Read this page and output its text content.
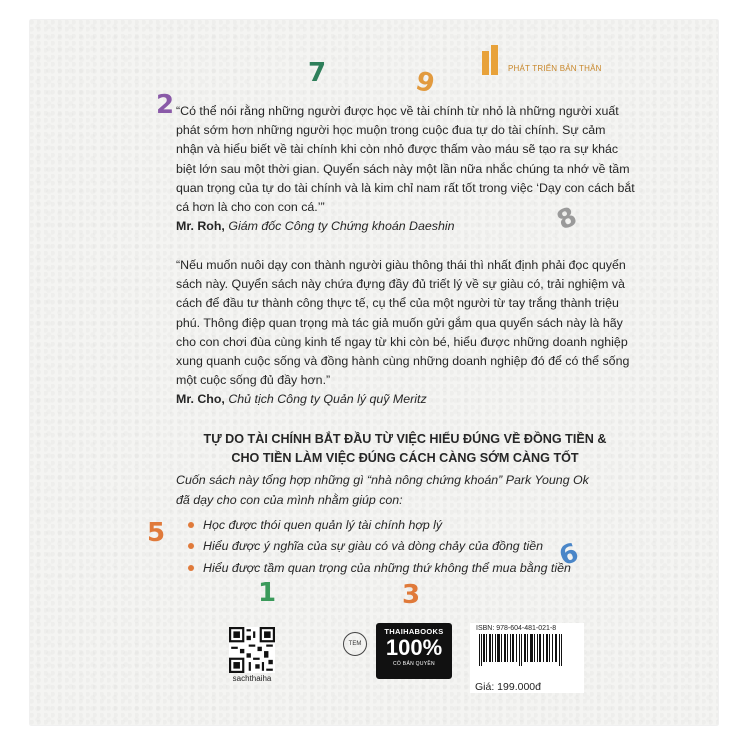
7	9
2
8
5
6
1	3
PHÁT TRIỂN BẢN THÂN

“Có thể nói rằng những người được học về tài chính từ nhỏ là những người xuất phát sớm hơn những người học muộn trong cuộc đua tự do tài chính. Sự cảm nhận và hiểu biết về tài chính khi còn nhỏ được thấm vào máu sẽ tạo ra sự khác biệt lớn sau một thời gian. Quyển sách này một lần nữa nhắc chúng ta nhớ về tầm quan trọng của tự do tài chính và là kim chỉ nam rất tốt trong việc ‘Dạy con cách bắt cá hơn là cho con con cá.’”

Mr. Roh, Giám đốc Công ty Chứng khoán Daeshin

“Nếu muốn nuôi dạy con thành người giàu thông thái thì nhất định phải đọc quyển sách này. Quyển sách này chứa đựng đầy đủ triết lý về sự giàu có, trải nghiệm và cách để đầu tư thành công thực tế, cụ thể của một người từ tay trắng thành triệu phú. Thông điệp quan trọng mà tác giả muốn gửi gắm qua quyển sách này là hãy cho con chơi đùa cùng kinh tế ngay từ khi còn bé, hiểu được những doanh nghiệp xung quanh cuộc sống và đồng hành cùng những doanh nghiệp đó để có thể sống một cuộc sống đủ đầy hơn.”

Mr. Cho, Chủ tịch Công ty Quản lý quỹ Meritz

TỰ DO TÀI CHÍNH BẮT ĐẦU TỪ VIỆC HIỂU ĐÚNG VỀ ĐỒNG TIỀN &
CHO TIỀN LÀM VIỆC ĐÚNG CÁCH CÀNG SỚM CÀNG TỐT
Cuốn sách này tổng hợp những gì “nhà nông chứng khoán” Park Young Ok
đã dạy cho con của mình nhằm giúp con:
Học được thói quen quản lý tài chính hợp lý
Hiểu được ý nghĩa của sự giàu có và dòng chảy của đồng tiền
Hiểu được tầm quan trọng của những thứ không thể mua bằng tiền
sachthaiha
TEM
THAIHABOOKS
100%
CÓ BẢN QUYỀN
ISBN: 978-604-481-021-8
Giá: 199.000đ
